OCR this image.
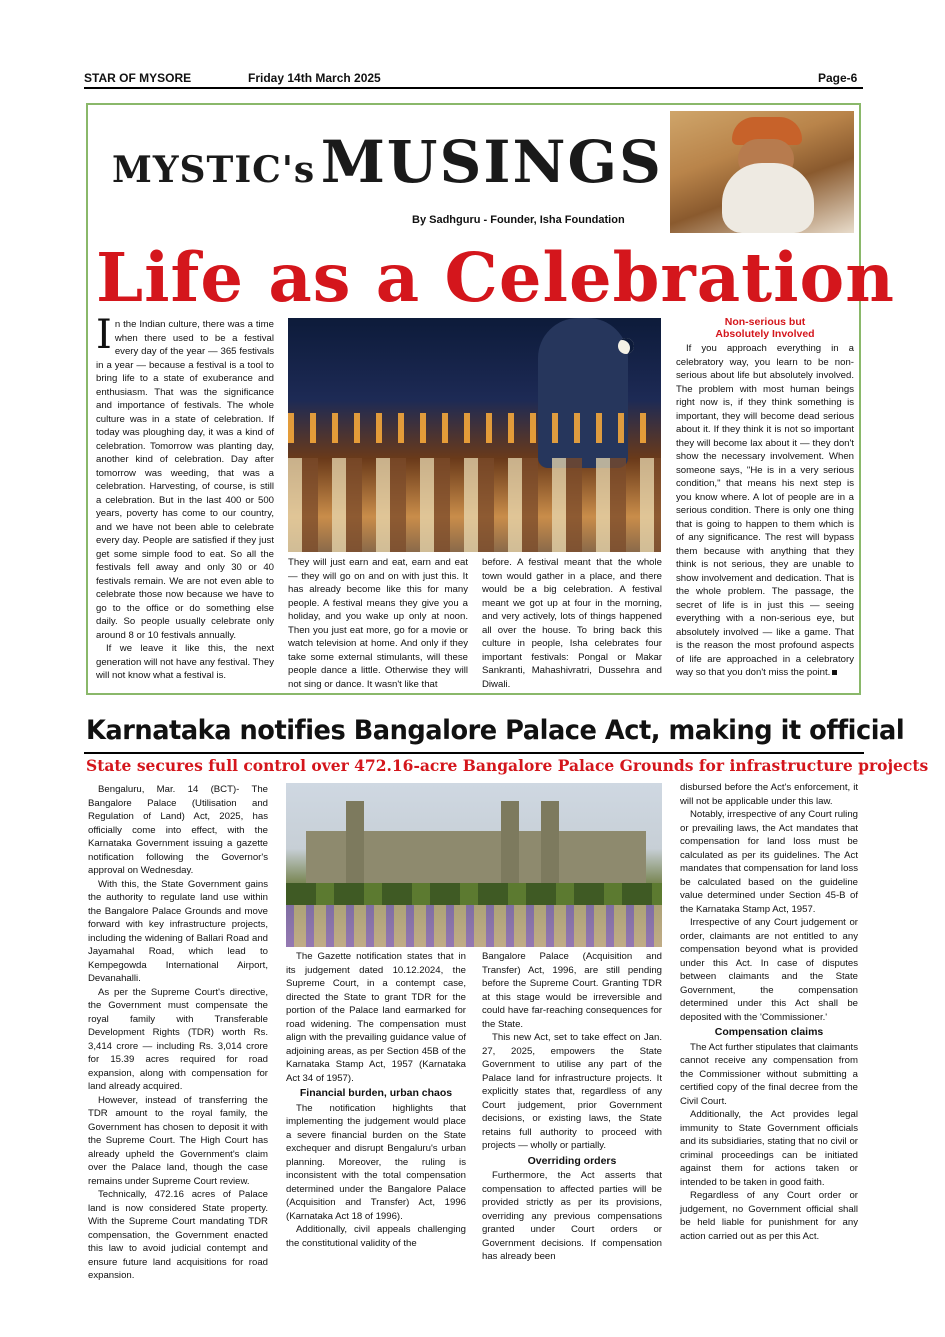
STAR OF MYSORE	Friday 14th March 2025	Page-6
MYSTIC's MUSINGS
By Sadhguru - Founder, Isha Foundation
Life as a Celebration

In the Indian culture, there was a time when there used to be a festival every day of the year — 365 festivals in a year — because a festival is a tool to bring life to a state of exuberance and enthusiasm. That was the significance and importance of festivals. The whole culture was in a state of celebration. If today was ploughing day, it was a kind of celebration. Tomorrow was planting day, another kind of celebration. Day after tomorrow was weeding, that was a celebration. Harvesting, of course, is still a celebration. But in the last 400 or 500 years, poverty has come to our country, and we have not been able to celebrate every day. People are satisfied if they just get some simple food to eat. So all the festivals fell away and only 30 or 40 festivals remain. We are not even able to celebrate those now because we have to go to the office or do something else daily. So people usually celebrate only around 8 or 10 festivals annually.

If we leave it like this, the next generation will not have any festival. They will not know what a festival is.

They will just earn and eat, earn and eat — they will go on and on with just this. It has already become like this for many people. A festival means they give you a holiday, and you wake up only at noon. Then you just eat more, go for a movie or watch television at home. And only if they take some external stimulants, will these people dance a little. Otherwise they will not sing or dance. It wasn't like that

before. A festival meant that the whole town would gather in a place, and there would be a big celebration. A festival meant we got up at four in the morning, and very actively, lots of things happened all over the house. To bring back this culture in people, Isha celebrates four important festivals: Pongal or Makar Sankranti, Mahashivratri, Dussehra and Diwali.

Non-serious but
Absolutely Involved

If you approach everything in a celebratory way, you learn to be non-serious about life but absolutely involved. The problem with most human beings right now is, if they think something is important, they will become dead serious about it. If they think it is not so important they will become lax about it — they don't show the necessary involvement. When someone says, "He is in a very serious condition," that means his next step is you know where. A lot of people are in a serious condition. There is only one thing that is going to happen to them which is of any significance. The rest will bypass them because with anything that they think is not serious, they are unable to show involvement and dedication. That is the whole problem. The passage, the secret of life is in just this — seeing everything with a non-serious eye, but absolutely involved — like a game. That is the reason the most profound aspects of life are approached in a celebratory way so that you don't miss the point.

Karnataka notifies Bangalore Palace Act, making it official
State secures full control over 472.16-acre Bangalore Palace Grounds for infrastructure projects

Bengaluru, Mar. 14 (BCT)- The Bangalore Palace (Utilisation and Regulation of Land) Act, 2025, has officially come into effect, with the Karnataka Government issuing a gazette notification following the Governor's approval on Wednesday.

With this, the State Government gains the authority to regulate land use within the Bangalore Palace Grounds and move forward with key infrastructure projects, including the widening of Ballari Road and Jayamahal Road, which lead to Kempegowda International Airport, Devanahalli.

As per the Supreme Court's directive, the Government must compensate the royal family with Transferable Development Rights (TDR) worth Rs. 3,414 crore — including Rs. 3,014 crore for 15.39 acres required for road expansion, along with compensation for land already acquired.

However, instead of transferring the TDR amount to the royal family, the Government has chosen to deposit it with the Supreme Court. The High Court has already upheld the Government's claim over the Palace land, though the case remains under Supreme Court review.

Technically, 472.16 acres of Palace land is now considered State property. With the Supreme Court mandating TDR compensation, the Government enacted this law to avoid judicial contempt and ensure future land acquisitions for road expansion.

The Gazette notification states that in its judgement dated 10.12.2024, the Supreme Court, in a contempt case, directed the State to grant TDR for the portion of the Palace land earmarked for road widening. The compensation must align with the prevailing guidance value of adjoining areas, as per Section 45B of the Karnataka Stamp Act, 1957 (Karnataka Act 34 of 1957).

Financial burden, urban chaos

The notification highlights that implementing the judgement would place a severe financial burden on the State exchequer and disrupt Bengaluru's urban planning. Moreover, the ruling is inconsistent with the total compensation determined under the Bangalore Palace (Acquisition and Transfer) Act, 1996 (Karnataka Act 18 of 1996).

Additionally, civil appeals challenging the constitutional validity of the

Bangalore Palace (Acquisition and Transfer) Act, 1996, are still pending before the Supreme Court. Granting TDR at this stage would be irreversible and could have far-reaching consequences for the State.

This new Act, set to take effect on Jan. 27, 2025, empowers the State Government to utilise any part of the Palace land for infrastructure projects. It explicitly states that, regardless of any Court judgement, prior Government decisions, or existing laws, the State retains full authority to proceed with projects — wholly or partially.

Overriding orders

Furthermore, the Act asserts that compensation to affected parties will be provided strictly as per its provisions, overriding any previous compensations granted under Court orders or Government decisions. If compensation has already been

disbursed before the Act's enforcement, it will not be applicable under this law.

Notably, irrespective of any Court ruling or prevailing laws, the Act mandates that compensation for land loss must be calculated as per its guidelines. The Act mandates that compensation for land loss be calculated based on the guideline value determined under Section 45-B of the Karnataka Stamp Act, 1957.

Irrespective of any Court judgement or order, claimants are not entitled to any compensation beyond what is provided under this Act. In case of disputes between claimants and the State Government, the compensation determined under this Act shall be deposited with the 'Commissioner.'

Compensation claims

The Act further stipulates that claimants cannot receive any compensation from the Commissioner without submitting a certified copy of the final decree from the Civil Court.

Additionally, the Act provides legal immunity to State Government officials and its subsidiaries, stating that no civil or criminal proceedings can be initiated against them for actions taken or intended to be taken in good faith.

Regardless of any Court order or judgement, no Government official shall be held liable for punishment for any action carried out as per this Act.
